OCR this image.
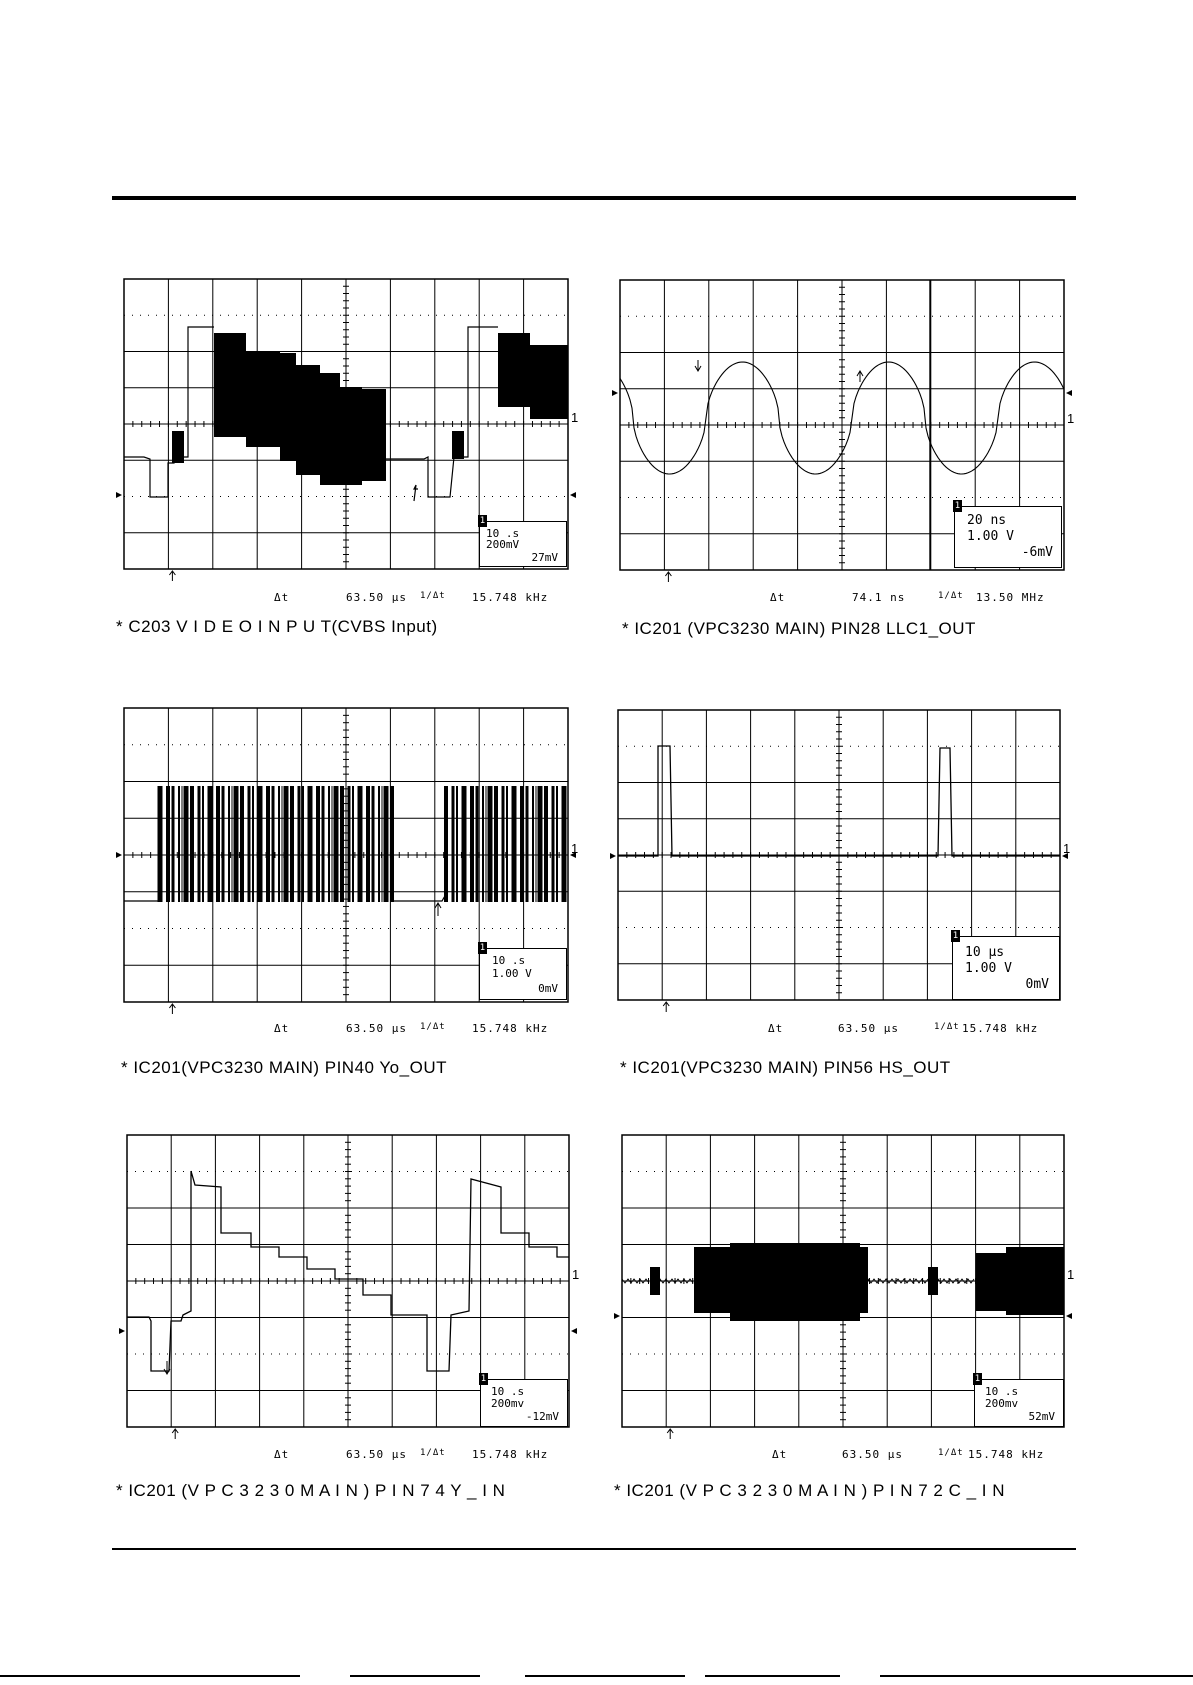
1
1
10 .s
200mV
27mV
Δt	63.50 μs 1/Δt 15.748 kHz
* C203 V I D E O I N P U T(CVBS Input)
1
1
20 ns
1.00 V
-6mV
Δt	74.1 ns	1/Δt 13.50 MHz
* IC201 (VPC3230 MAIN) PIN28 LLC1_OUT
1
1
10 .s
1.00 V
0mV
Δt	63.50 μs 1/Δt 15.748 kHz
* IC201(VPC3230 MAIN) PIN40 Yo_OUT
1
1
10 μs
1.00 V
0mV
Δt	63.50 μs	1/Δt 15.748 kHz
* IC201(VPC3230 MAIN) PIN56 HS_OUT
1
1
10 .s
200mv
-12mV
Δt	63.50 μs 1/Δt 15.748 kHz
* IC201 (V P C 3 2 3 0 M A I N ) P I N 7 4 Y _ I N
1
1
10 .s
200mv
52mV
Δt	63.50 μs	1/Δt 15.748 kHz
* IC201 (V P C 3 2 3 0 M A I N ) P I N 7 2 C _ I N
